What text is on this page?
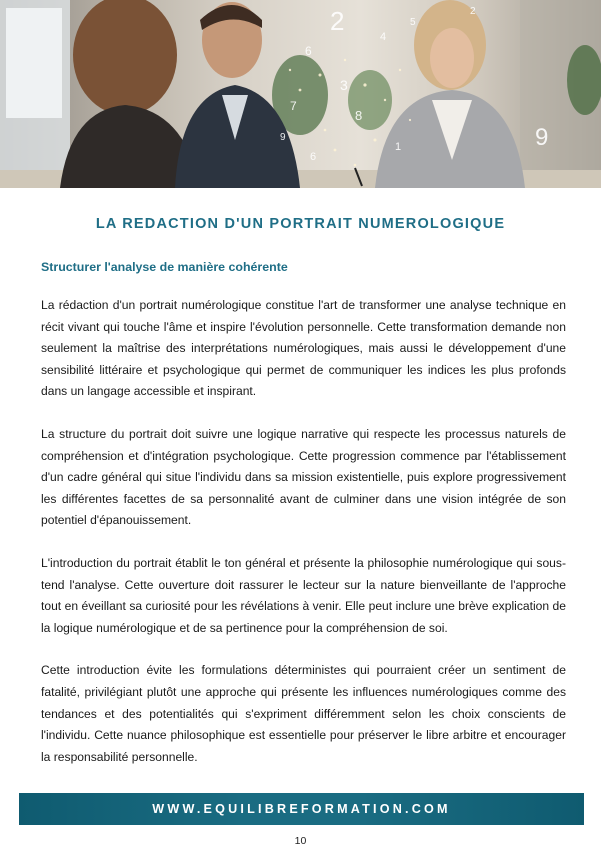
2
6
4
7
8
5
3
1	9
6
2
9
LA REDACTION D'UN PORTRAIT NUMEROLOGIQUE
Structurer l'analyse de manière cohérente

La rédaction d'un portrait numérologique constitue l'art de transformer une analyse technique en récit vivant qui touche l'âme et inspire l'évolution personnelle. Cette transformation demande non seulement la maîtrise des interprétations numérologiques, mais aussi le développement d'une sensibilité littéraire et psychologique qui permet de communiquer les indices les plus profonds dans un langage accessible et inspirant.

La structure du portrait doit suivre une logique narrative qui respecte les processus naturels de compréhension et d'intégration psychologique. Cette progression commence par l'établissement d'un cadre général qui situe l'individu dans sa mission existentielle, puis explore progressivement les différentes facettes de sa personnalité avant de culminer dans une vision intégrée de son potentiel d'épanouissement.

L'introduction du portrait établit le ton général et présente la philosophie numérologique qui sous-tend l'analyse. Cette ouverture doit rassurer le lecteur sur la nature bienveillante de l'approche tout en éveillant sa curiosité pour les révélations à venir. Elle peut inclure une brève explication de la logique numérologique et de sa pertinence pour la compréhension de soi.

Cette introduction évite les formulations déterministes qui pourraient créer un sentiment de fatalité, privilégiant plutôt une approche qui présente les influences numérologiques comme des tendances et des potentialités qui s'expriment différemment selon les choix conscients de l'individu. Cette nuance philosophique est essentielle pour préserver le libre arbitre et encourager la responsabilité personnelle.

WWW.EQUILIBREFORMATION.COM
10
